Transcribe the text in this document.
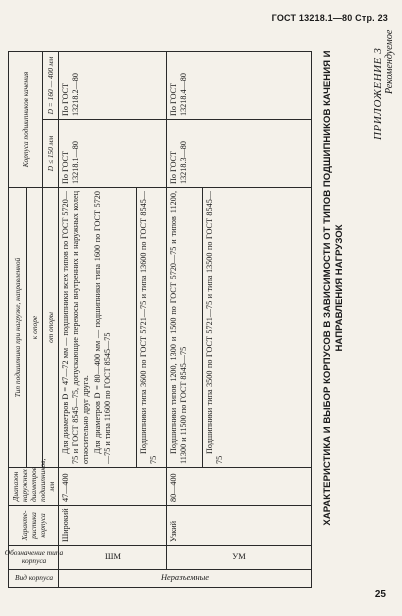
ГОСТ 13218.1—80 Стр. 23
ПРИЛОЖЕНИЕ 3 Рекомендуемое
ХАРАКТЕРИСТИКА И ВЫБОР КОРПУСОВ В ЗАВИСИМОСТИ ОТ ТИПОВ ПОДШИПНИКОВ КАЧЕНИЯ И НАПРАВЛЕНИЯ НАГРУЗОК
Вид корпуса	Обозначение типа корпуса	Характеристика корпуса	Диапазон наружных диаметров подшипников, мм	Тип подшипника при нагрузке, направленной	Корпуса подшипников качения	
				к опоре		
				от опоры	D ≤ 150 мм	D = 160 — 400 мм

Неразъемные	ШМ	Широкий	47—400	Для диаметров D = 47—72 мм — подшипники всех типов по ГОСТ 5720—75 и ГОСТ 8545—75, допускающие перекосы внутренних и наружных колец относительно друг друга. Для диаметров D = 80—400 мм — подшипники типа 1600 по ГОСТ 5720—75 и типа 11600 по ГОСТ 8545—75	По ГОСТ 13218.1—80	По ГОСТ 13218.2—80

				Подшипники типа 3600 по ГОСТ 5721—75 и типа 13600 по ГОСТ 8545—75		

	УМ	Узкий	80—400	Подшипники типов 1200, 1300 и 1500 по ГОСТ 5720—75 и типов 11200, 11300 и 11500 по ГОСТ 8545—75	По ГОСТ 13218.3—80	По ГОСТ 13218.4—80

				Подшипники типа 3500 по ГОСТ 5721—75 и типа 13500 по ГОСТ 8545—75		

25
